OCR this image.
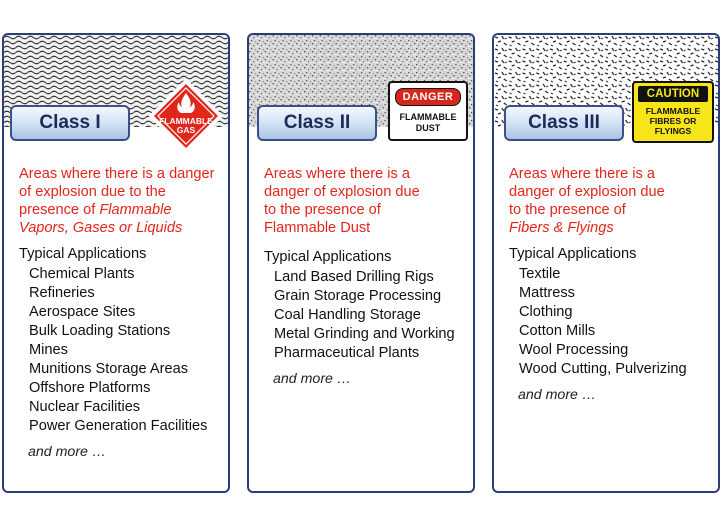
Class I	FLAMMABLE
GAS

Areas where there is a danger of explosion due to the presence of Flammable Vapors, Gases or Liquids

Typical Applications

Chemical Plants
Refineries
Aerospace Sites
Bulk Loading Stations
Mines
Munitions Storage Areas
Offshore Platforms
Nuclear Facilities
Power Generation Facilities

and more …

Class II
DANGER
FLAMMABLE
DUST

Areas where there is a danger of explosion due to the presence of Flammable Dust

Typical Applications

Land Based Drilling Rigs
Grain Storage Processing
Coal Handling Storage
Metal Grinding and Working
Pharmaceutical Plants

and more …

Class III
CAUTION
FLAMMABLE
FIBRES OR
FLYINGS

Areas where there is a danger of explosion due to the presence of Fibers & Flyings

Typical Applications

Textile
Mattress
Clothing
Cotton Mills
Wool Processing
Wood Cutting, Pulverizing

and more …
